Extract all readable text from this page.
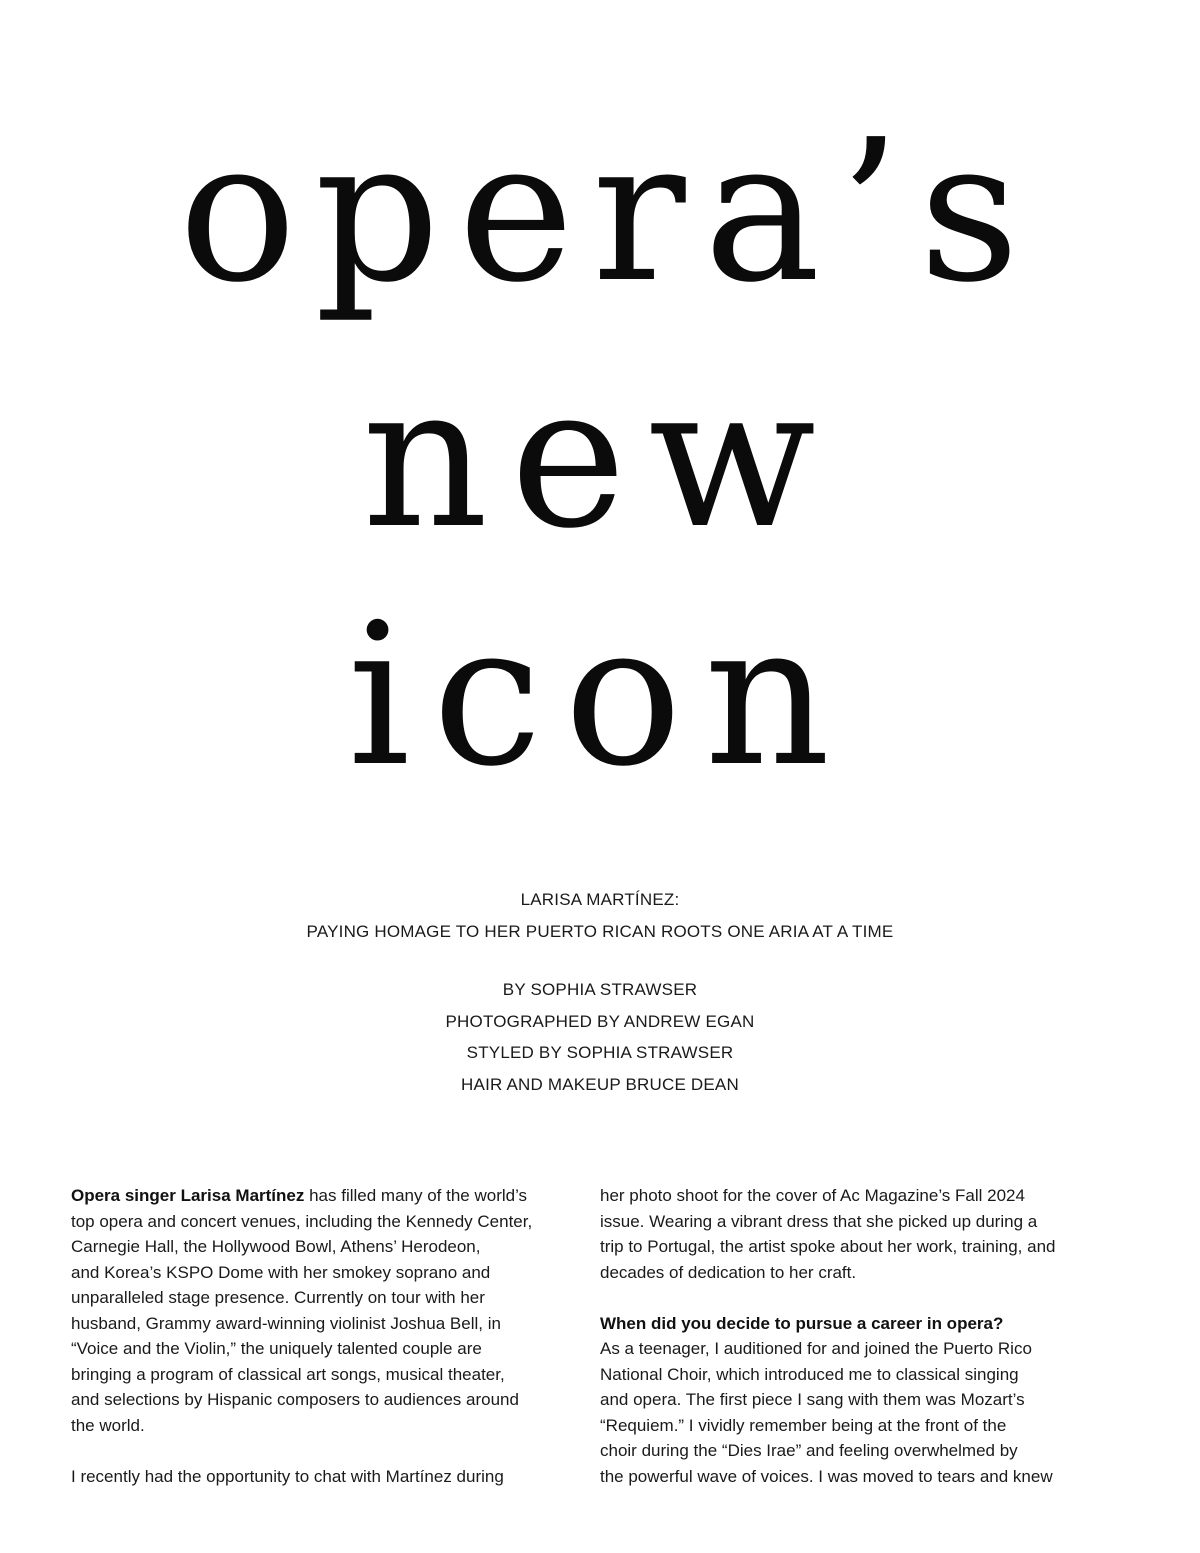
opera’s
new
icon
LARISA MARTÍNEZ:
PAYING HOMAGE TO HER PUERTO RICAN ROOTS ONE ARIA AT A TIME
BY SOPHIA STRAWSER
PHOTOGRAPHED BY ANDREW EGAN
STYLED BY SOPHIA STRAWSER
HAIR AND MAKEUP BRUCE DEAN

Opera singer Larisa Martínez has filled many of the world’s
top opera and concert venues, including the Kennedy Center,
Carnegie Hall, the Hollywood Bowl, Athens’ Herodeon,
and Korea’s KSPO Dome with her smokey soprano and
unparalleled stage presence. Currently on tour with her
husband, Grammy award-winning violinist Joshua Bell, in
“Voice and the Violin,” the uniquely talented couple are
bringing a program of classical art songs, musical theater,
and selections by Hispanic composers to audiences around
the world.

I recently had the opportunity to chat with Martínez during

her photo shoot for the cover of Ac Magazine’s Fall 2024
issue. Wearing a vibrant dress that she picked up during a
trip to Portugal, the artist spoke about her work, training, and
decades of dedication to her craft.

When did you decide to pursue a career in opera?

As a teenager, I auditioned for and joined the Puerto Rico
National Choir, which introduced me to classical singing
and opera. The first piece I sang with them was Mozart’s
“Requiem.” I vividly remember being at the front of the
choir during the “Dies Irae” and feeling overwhelmed by
the powerful wave of voices. I was moved to tears and knew
